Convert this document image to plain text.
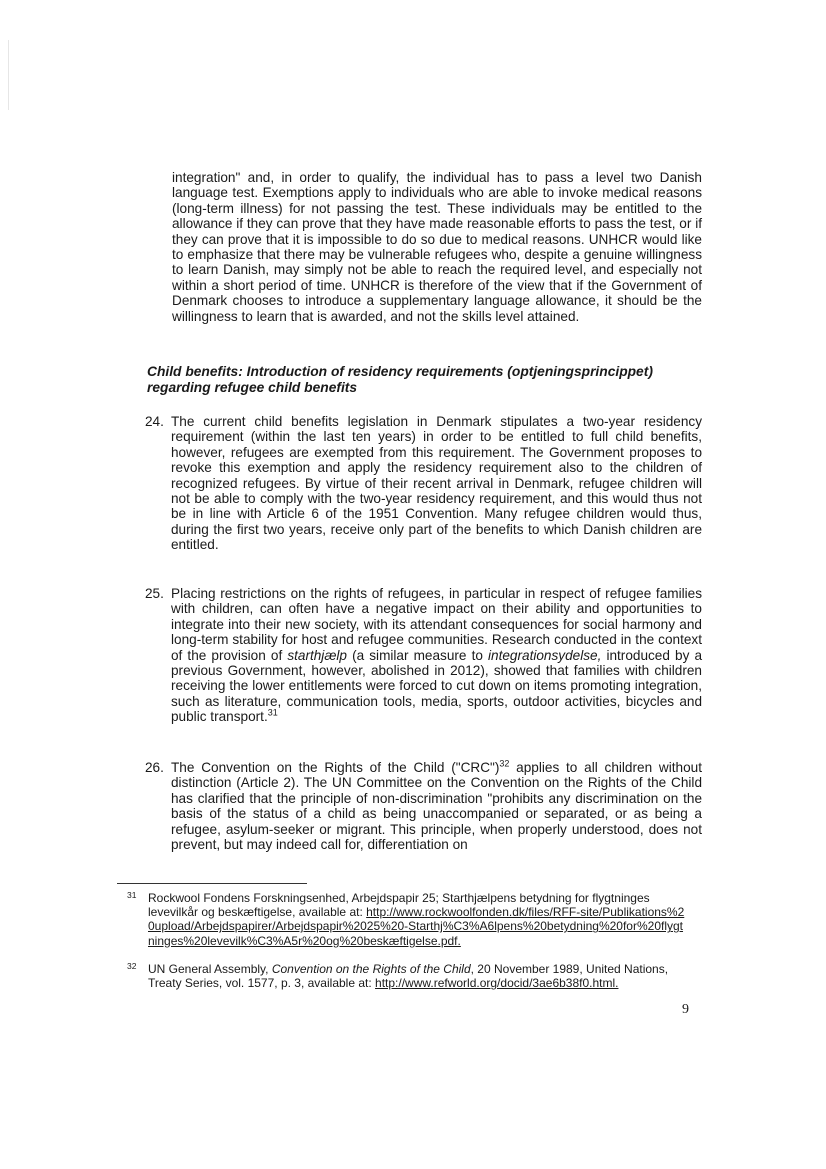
integration" and, in order to qualify, the individual has to pass a level two Danish language test. Exemptions apply to individuals who are able to invoke medical reasons (long-term illness) for not passing the test. These individuals may be entitled to the allowance if they can prove that they have made reasonable efforts to pass the test, or if they can prove that it is impossible to do so due to medical reasons. UNHCR would like to emphasize that there may be vulnerable refugees who, despite a genuine willingness to learn Danish, may simply not be able to reach the required level, and especially not within a short period of time. UNHCR is therefore of the view that if the Government of Denmark chooses to introduce a supplementary language allowance, it should be the willingness to learn that is awarded, and not the skills level attained.
Child benefits: Introduction of residency requirements (optjeningsprincippet) regarding refugee child benefits
24. The current child benefits legislation in Denmark stipulates a two-year residency requirement (within the last ten years) in order to be entitled to full child benefits, however, refugees are exempted from this requirement. The Government proposes to revoke this exemption and apply the residency requirement also to the children of recognized refugees. By virtue of their recent arrival in Denmark, refugee children will not be able to comply with the two-year residency requirement, and this would thus not be in line with Article 6 of the 1951 Convention. Many refugee children would thus, during the first two years, receive only part of the benefits to which Danish children are entitled.
25. Placing restrictions on the rights of refugees, in particular in respect of refugee families with children, can often have a negative impact on their ability and opportunities to integrate into their new society, with its attendant consequences for social harmony and long-term stability for host and refugee communities. Research conducted in the context of the provision of starthjælp (a similar measure to integrationsydelse, introduced by a previous Government, however, abolished in 2012), showed that families with children receiving the lower entitlements were forced to cut down on items promoting integration, such as literature, communication tools, media, sports, outdoor activities, bicycles and public transport.$^{31}$
26. The Convention on the Rights of the Child ("CRC")$^{32}$ applies to all children without distinction (Article 2). The UN Committee on the Convention on the Rights of the Child has clarified that the principle of non-discrimination "prohibits any discrimination on the basis of the status of a child as being unaccompanied or separated, or as being a refugee, asylum-seeker or migrant. This principle, when properly understood, does not prevent, but may indeed call for, differentiation on
31 Rockwool Fondens Forskningsenhed, Arbejdspapir 25; Starthjælpens betydning for flygtninges levevilkår og beskæftigelse, available at: http://www.rockwoolfonden.dk/files/RFF-site/Publikations%20upload/Arbejdspapirer/Arbejdspapir%2025%20-Starthj%C3%A6lpens%20betydning%20for%20flygtninges%20levevilk%C3%A5r%20og%20beskæftigelse.pdf.
32 UN General Assembly, Convention on the Rights of the Child, 20 November 1989, United Nations, Treaty Series, vol. 1577, p. 3, available at: http://www.refworld.org/docid/3ae6b38f0.html.
9
